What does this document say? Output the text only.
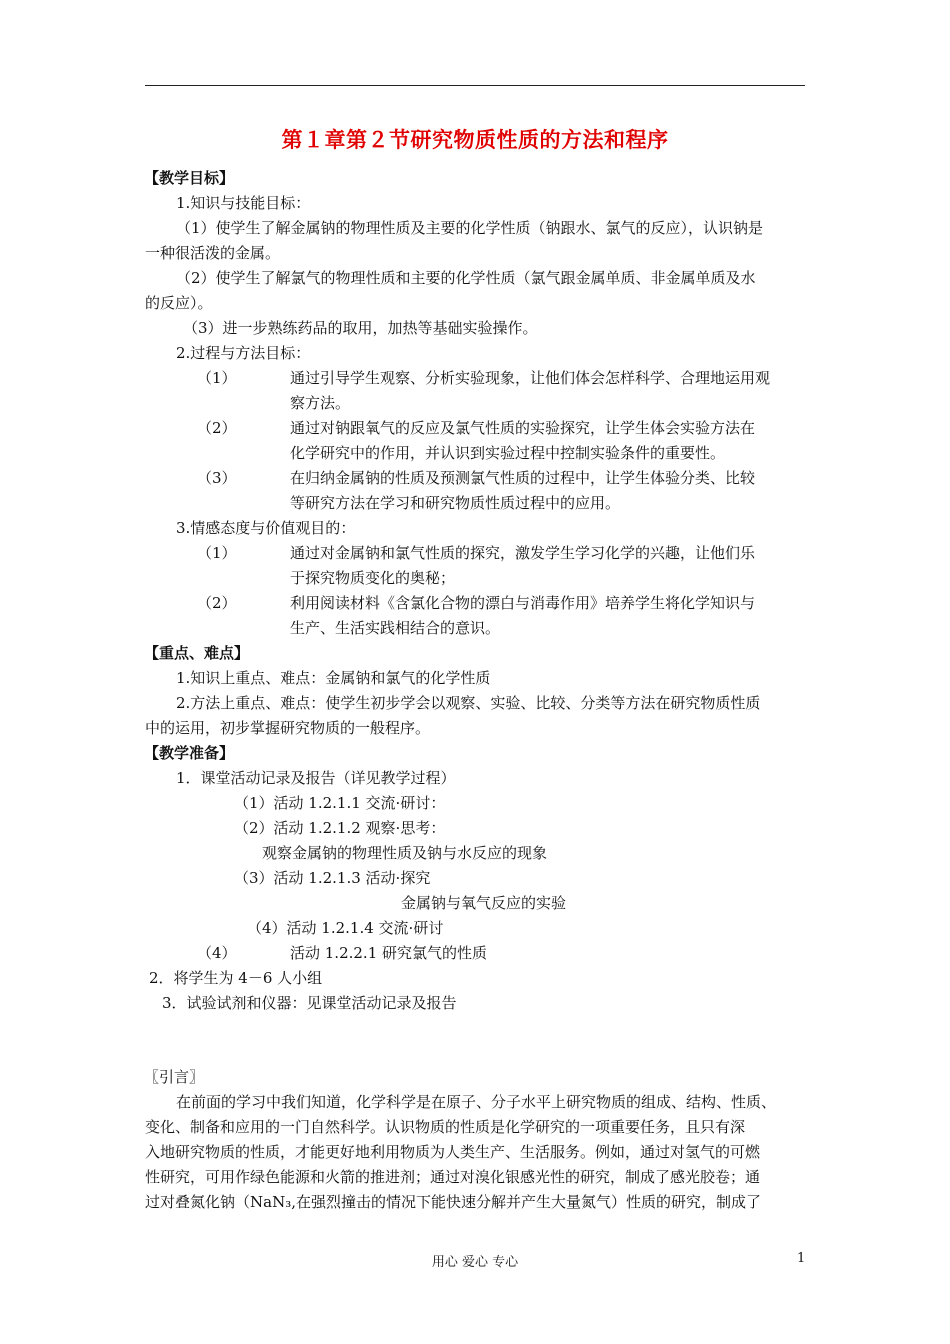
第１章第２节研究物质性质的方法和程序
【教学目标】
1.知识与技能目标：
（1）使学生了解金属钠的物理性质及主要的化学性质（钠跟水、氯气的反应），认识钠是
一种很活泼的金属。
（2）使学生了解氯气的物理性质和主要的化学性质（氯气跟金属单质、非金属单质及水
的反应）。
（3）进一步熟练药品的取用，加热等基础实验操作。
2.过程与方法目标：
（1）	通过引导学生观察、分析实验现象，让他们体会怎样科学、合理地运用观
察方法。
（2）	通过对钠跟氧气的反应及氯气性质的实验探究，让学生体会实验方法在
化学研究中的作用，并认识到实验过程中控制实验条件的重要性。
（3）	在归纳金属钠的性质及预测氯气性质的过程中，让学生体验分类、比较
等研究方法在学习和研究物质性质过程中的应用。
3.情感态度与价值观目的：
（1）	通过对金属钠和氯气性质的探究，激发学生学习化学的兴趣，让他们乐
于探究物质变化的奥秘；
（2）	利用阅读材料《含氯化合物的漂白与消毒作用》培养学生将化学知识与
生产、生活实践相结合的意识。
【重点、难点】
1.知识上重点、难点：金属钠和氯气的化学性质
2.方法上重点、难点：使学生初步学会以观察、实验、比较、分类等方法在研究物质性质
中的运用，初步掌握研究物质的一般程序。
【教学准备】
1．课堂活动记录及报告（详见教学过程）
（1）活动 1.2.1.1 交流·研讨：
（2）活动 1.2.1.2 观察·思考：
观察金属钠的物理性质及钠与水反应的现象
（3）活动 1.2.1.3 活动·探究
金属钠与氧气反应的实验
（4）活动 1.2.1.4 交流·研讨
（4）	活动 1.2.2.1 研究氯气的性质
2．将学生为 4－6 人小组
3．试验试剂和仪器：见课堂活动记录及报告
〖引言〗
在前面的学习中我们知道，化学科学是在原子、分子水平上研究物质的组成、结构、性质、
变化、制备和应用的一门自然科学。认识物质的性质是化学研究的一项重要任务，且只有深
入地研究物质的性质，才能更好地利用物质为人类生产、生活服务。例如，通过对氢气的可燃
性研究，可用作绿色能源和火箭的推进剂；通过对溴化银感光性的研究，制成了感光胶卷；通
过对叠氮化钠（NaN₃,在强烈撞击的情况下能快速分解并产生大量氮气）性质的研究，制成了
用心 爱心 专心	1
